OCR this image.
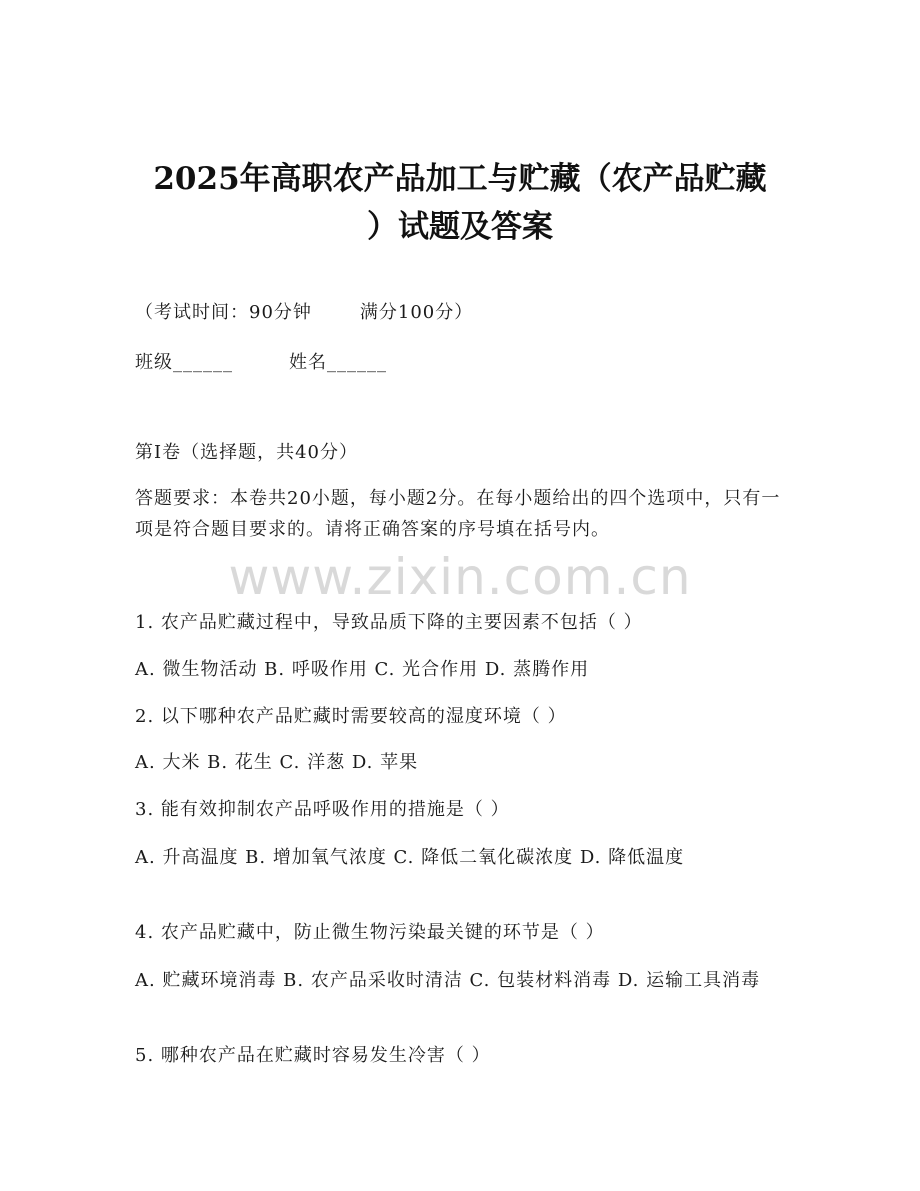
2025年高职农产品加工与贮藏（农产品贮藏
）试题及答案
（考试时间：90分钟	满分100分）
班级______	姓名______
第I卷（选择题，共40分）
答题要求：本卷共20小题，每小题2分。在每小题给出的四个选项中，只有一项是符合题目要求的。请将正确答案的序号填在括号内。
www.zixin.com.cn
1. 农产品贮藏过程中，导致品质下降的主要因素不包括（ ）
A. 微生物活动 B. 呼吸作用 C. 光合作用 D. 蒸腾作用
2. 以下哪种农产品贮藏时需要较高的湿度环境（ ）
A. 大米 B. 花生 C. 洋葱 D. 苹果
3. 能有效抑制农产品呼吸作用的措施是（ ）
A. 升高温度 B. 增加氧气浓度 C. 降低二氧化碳浓度 D. 降低温度
4. 农产品贮藏中，防止微生物污染最关键的环节是（ ）
A. 贮藏环境消毒 B. 农产品采收时清洁 C. 包装材料消毒 D. 运输工具消毒
5. 哪种农产品在贮藏时容易发生冷害（ ）
